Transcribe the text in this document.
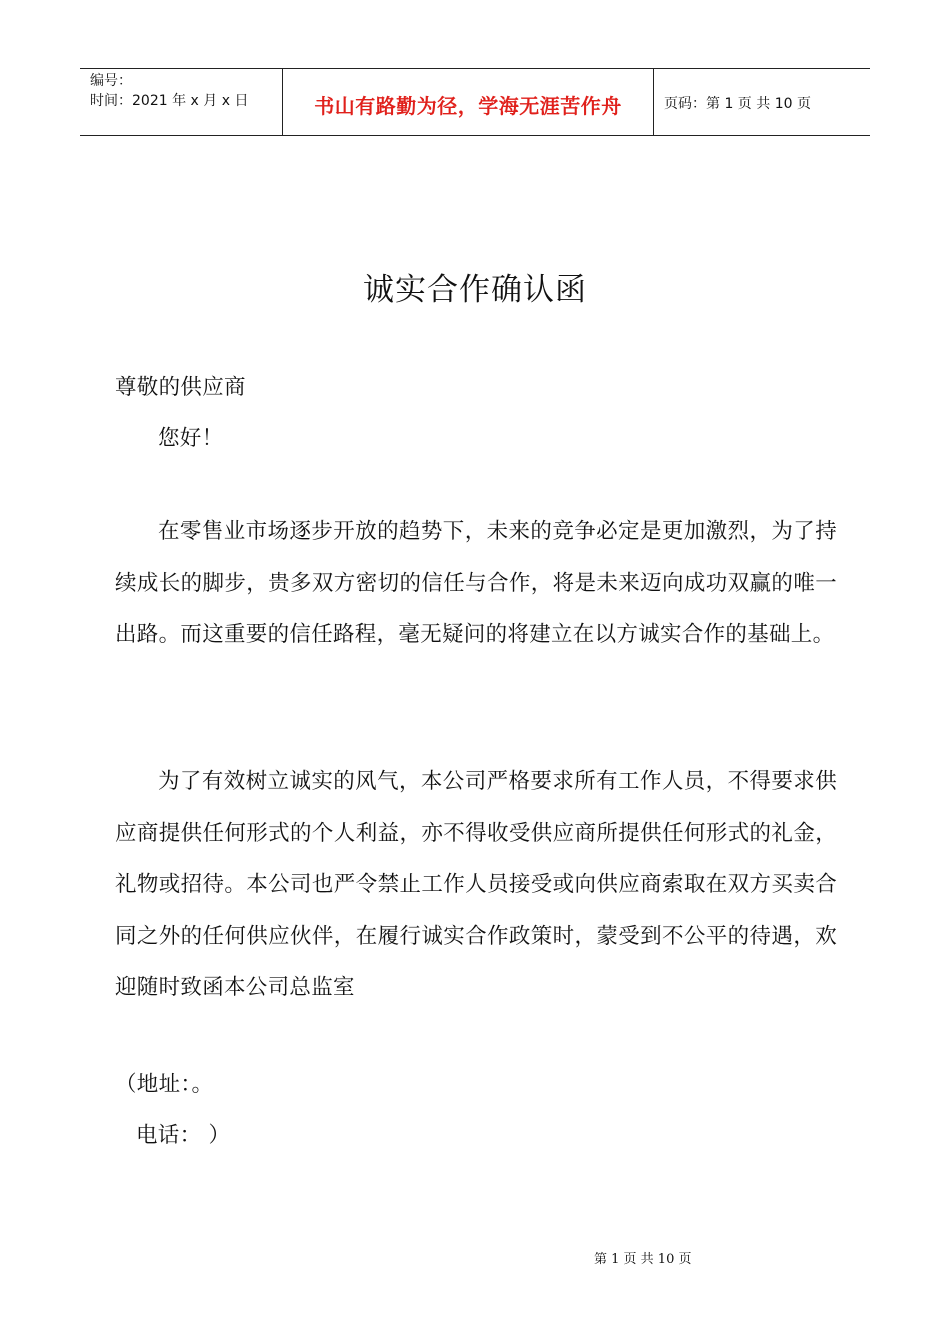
编号：
时间：2021 年 x 月 x 日	书山有路勤为径，学海无涯苦作舟	页码：第 1 页 共 10 页
诚实合作确认函
尊敬的供应商
您好！
在零售业市场逐步开放的趋势下，未来的竞争必定是更加激烈，为了持续成长的脚步，贵多双方密切的信任与合作，将是未来迈向成功双赢的唯一出路。而这重要的信任路程，毫无疑问的将建立在以方诚实合作的基础上。
为了有效树立诚实的风气，本公司严格要求所有工作人员，不得要求供应商提供任何形式的个人利益，亦不得收受供应商所提供任何形式的礼金，礼物或招待。本公司也严令禁止工作人员接受或向供应商索取在双方买卖合同之外的任何供应伙伴，在履行诚实合作政策时，蒙受到不公平的待遇，欢迎随时致函本公司总监室
（地址：。
电话： ）
第 1 页 共 10 页
